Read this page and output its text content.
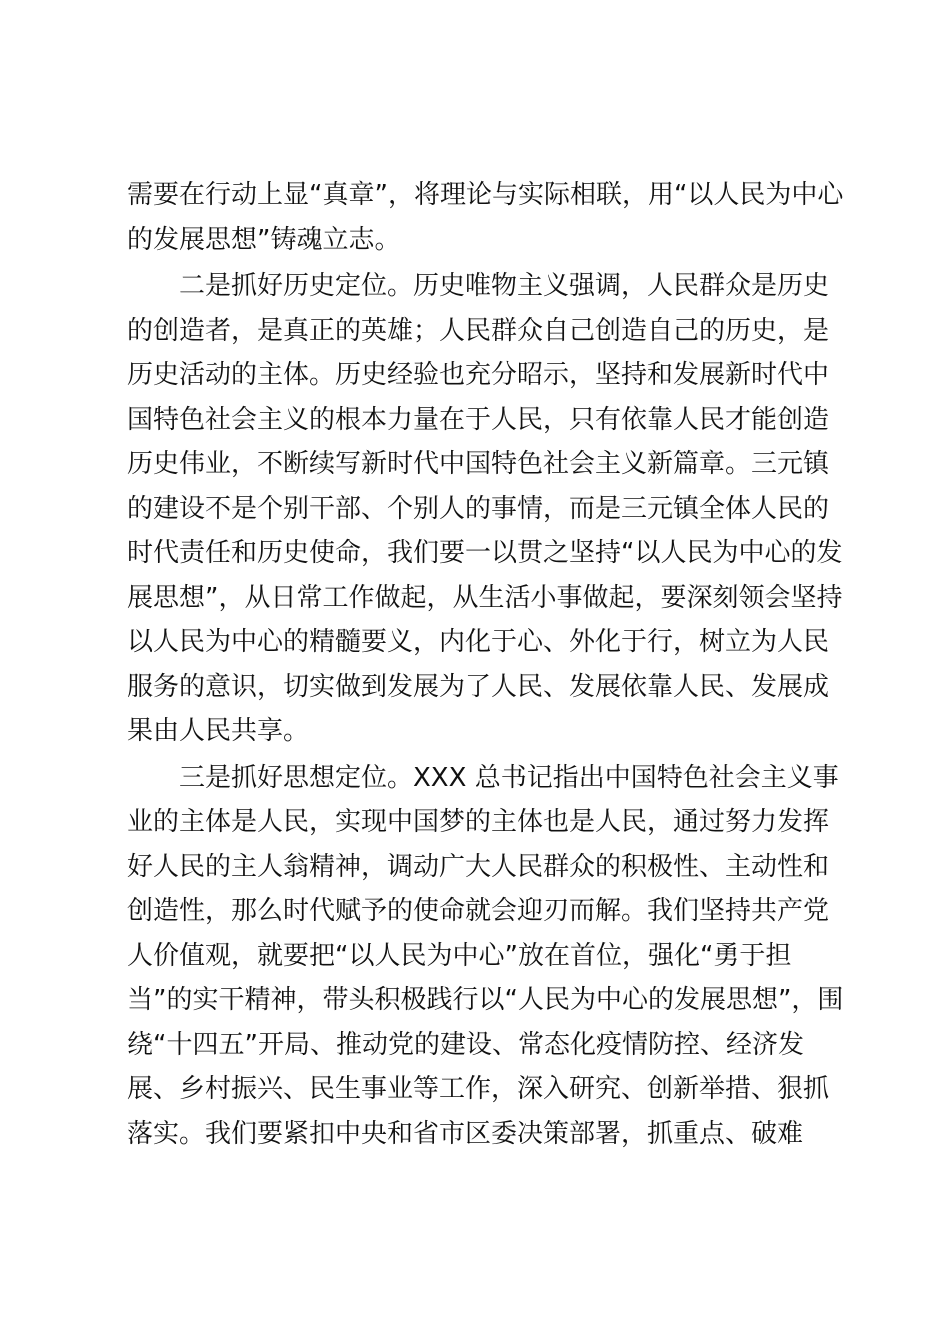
需要在行动上显“真章”，将理论与实际相联，用“以人民为中心
的发展思想”铸魂立志。
二是抓好历史定位。历史唯物主义强调，人民群众是历史
的创造者，是真正的英雄；人民群众自己创造自己的历史，是
历史活动的主体。历史经验也充分昭示，坚持和发展新时代中
国特色社会主义的根本力量在于人民，只有依靠人民才能创造
历史伟业，不断续写新时代中国特色社会主义新篇章。三元镇
的建设不是个别干部、个别人的事情，而是三元镇全体人民的
时代责任和历史使命，我们要一以贯之坚持“以人民为中心的发
展思想”，从日常工作做起，从生活小事做起，要深刻领会坚持
以人民为中心的精髓要义，内化于心、外化于行，树立为人民
服务的意识，切实做到发展为了人民、发展依靠人民、发展成
果由人民共享。
三是抓好思想定位。XXX 总书记指出中国特色社会主义事
业的主体是人民，实现中国梦的主体也是人民，通过努力发挥
好人民的主人翁精神，调动广大人民群众的积极性、主动性和
创造性，那么时代赋予的使命就会迎刃而解。我们坚持共产党
人价值观，就要把“以人民为中心”放在首位，强化“勇于担
当”的实干精神，带头积极践行以“人民为中心的发展思想”，围
绕“十四五”开局、推动党的建设、常态化疫情防控、经济发
展、乡村振兴、民生事业等工作，深入研究、创新举措、狠抓
落实。我们要紧扣中央和省市区委决策部署，抓重点、破难
